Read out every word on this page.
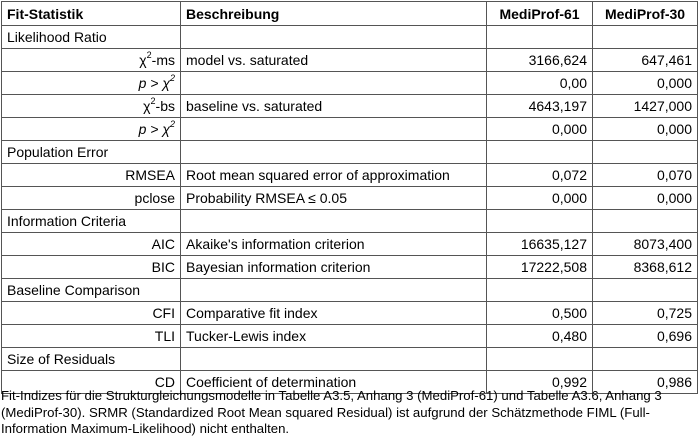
Fit-Statistik	Beschreibung	MediProf-61	MediProf-30
Likelihood Ratio			
$\chi^2-ms$	model vs. saturated	3166,624	647,461
$p > \chi^2$		0,00	0,000
$\chi^2-bs$	baseline vs. saturated	4643,197	1427,000
$p > \chi^2$		0,000	0,000
Population Error			
RMSEA	Root mean squared error of approximation	0,072	0,070
pclose	Probability RMSEA ≤ 0.05	0,000	0,000
Information Criteria			
AIC	Akaike's information criterion	16635,127	8073,400
BIC	Bayesian information criterion	17222,508	8368,612
Baseline Comparison			
CFI	Comparative fit index	0,500	0,725
TLI	Tucker-Lewis index	0,480	0,696
Size of Residuals			
CD	Coefficient of determination	0,992	0,986
Fit-Indizes für die Strukturgleichungsmodelle in Tabelle A3.5, Anhang 3 (MediProf-61) und Tabelle A3.6, Anhang 3 (MediProf-30). SRMR (Standardized Root Mean squared Residual) ist aufgrund der Schätzmethode FIML (Full-Information Maximum-Likelihood) nicht enthalten.
